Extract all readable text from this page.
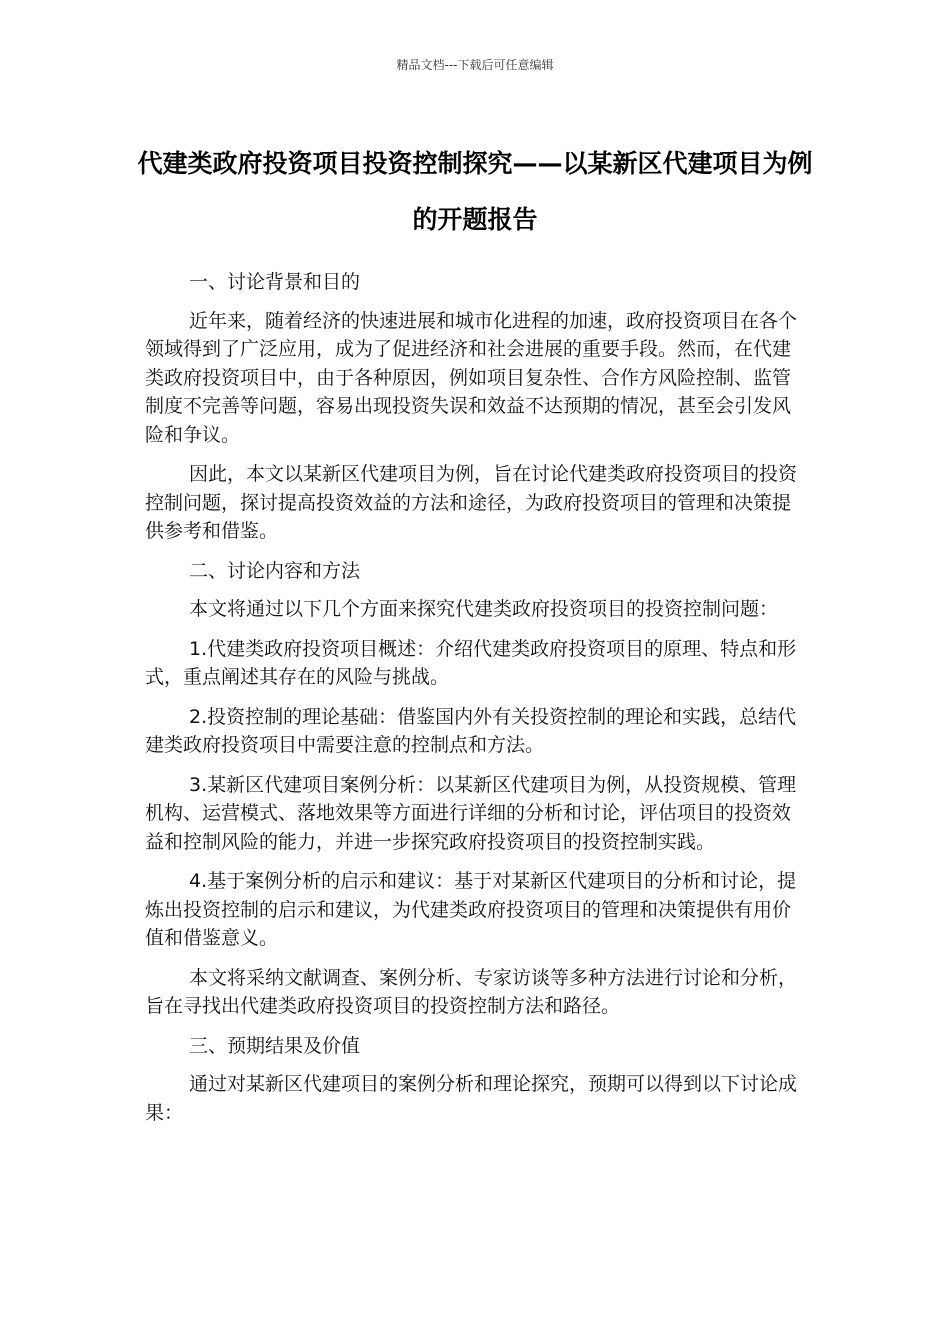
精品文档---下载后可任意编辑
代建类政府投资项目投资控制探究——以某新区代建项目为例的开题报告

一、讨论背景和目的

近年来，随着经济的快速进展和城市化进程的加速，政府投资项目在各个领域得到了广泛应用，成为了促进经济和社会进展的重要手段。然而，在代建类政府投资项目中，由于各种原因，例如项目复杂性、合作方风险控制、监管制度不完善等问题，容易出现投资失误和效益不达预期的情况，甚至会引发风险和争议。

因此，本文以某新区代建项目为例，旨在讨论代建类政府投资项目的投资控制问题，探讨提高投资效益的方法和途径，为政府投资项目的管理和决策提供参考和借鉴。

二、讨论内容和方法

本文将通过以下几个方面来探究代建类政府投资项目的投资控制问题：

1.代建类政府投资项目概述：介绍代建类政府投资项目的原理、特点和形式，重点阐述其存在的风险与挑战。

2.投资控制的理论基础：借鉴国内外有关投资控制的理论和实践，总结代建类政府投资项目中需要注意的控制点和方法。

3.某新区代建项目案例分析：以某新区代建项目为例，从投资规模、管理机构、运营模式、落地效果等方面进行详细的分析和讨论，评估项目的投资效益和控制风险的能力，并进一步探究政府投资项目的投资控制实践。

4.基于案例分析的启示和建议：基于对某新区代建项目的分析和讨论，提炼出投资控制的启示和建议，为代建类政府投资项目的管理和决策提供有用价值和借鉴意义。

本文将采纳文献调查、案例分析、专家访谈等多种方法进行讨论和分析，旨在寻找出代建类政府投资项目的投资控制方法和路径。

三、预期结果及价值

通过对某新区代建项目的案例分析和理论探究，预期可以得到以下讨论成果：
